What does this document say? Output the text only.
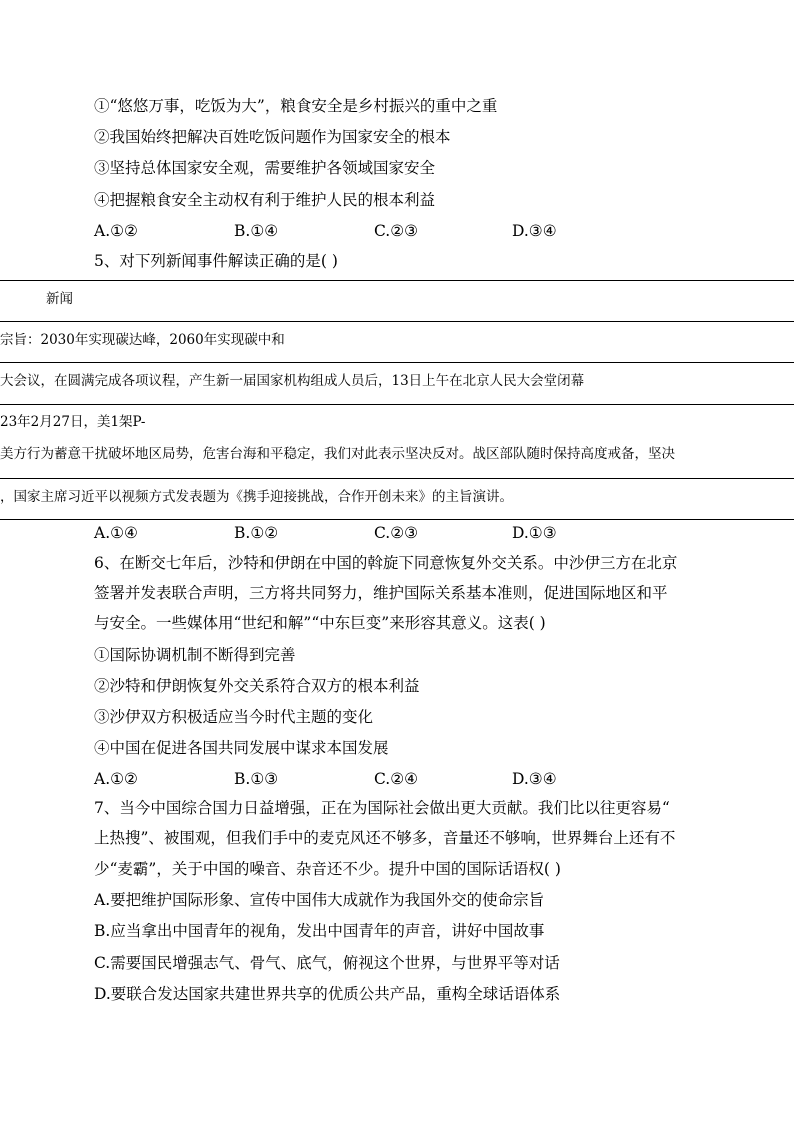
①“悠悠万事，吃饭为大”，粮食安全是乡村振兴的重中之重
②我国始终把解决百姓吃饭问题作为国家安全的根本
③坚持总体国家安全观，需要维护各领域国家安全
④把握粮食安全主动权有利于维护人民的根本利益
A.①②	B.①④	C.②③	D.③④
5、对下列新闻事件解读正确的是( )
新闻
宗旨：2030年实现碳达峰，2060年实现碳中和
大会议，在圆满完成各项议程，产生新一届国家机构组成人员后，13日上午在北京人民大会堂闭幕
23年2月27日，美1架P-
美方行为蓄意干扰破坏地区局势，危害台海和平稳定，我们对此表示坚决反对。战区部队随时保持高度戒备，坚决
，国家主席习近平以视频方式发表题为《携手迎接挑战，合作开创未来》的主旨演讲。
A.①④	B.①②	C.②③	D.①③
6、在断交七年后，沙特和伊朗在中国的斡旋下同意恢复外交关系。中沙伊三方在北京
签署并发表联合声明，三方将共同努力，维护国际关系基本准则，促进国际地区和平
与安全。一些媒体用“世纪和解”“中东巨变”来形容其意义。这表( )
①国际协调机制不断得到完善
②沙特和伊朗恢复外交关系符合双方的根本利益
③沙伊双方积极适应当今时代主题的变化
④中国在促进各国共同发展中谋求本国发展
A.①②	B.①③	C.②④	D.③④
7、当今中国综合国力日益增强，正在为国际社会做出更大贡献。我们比以往更容易“
上热搜”、被围观，但我们手中的麦克风还不够多，音量还不够响，世界舞台上还有不
少“麦霸”，关于中国的噪音、杂音还不少。提升中国的国际话语权( )
A.要把维护国际形象、宣传中国伟大成就作为我国外交的使命宗旨
B.应当拿出中国青年的视角，发出中国青年的声音，讲好中国故事
C.需要国民增强志气、骨气、底气，俯视这个世界，与世界平等对话
D.要联合发达国家共建世界共享的优质公共产品，重构全球话语体系
